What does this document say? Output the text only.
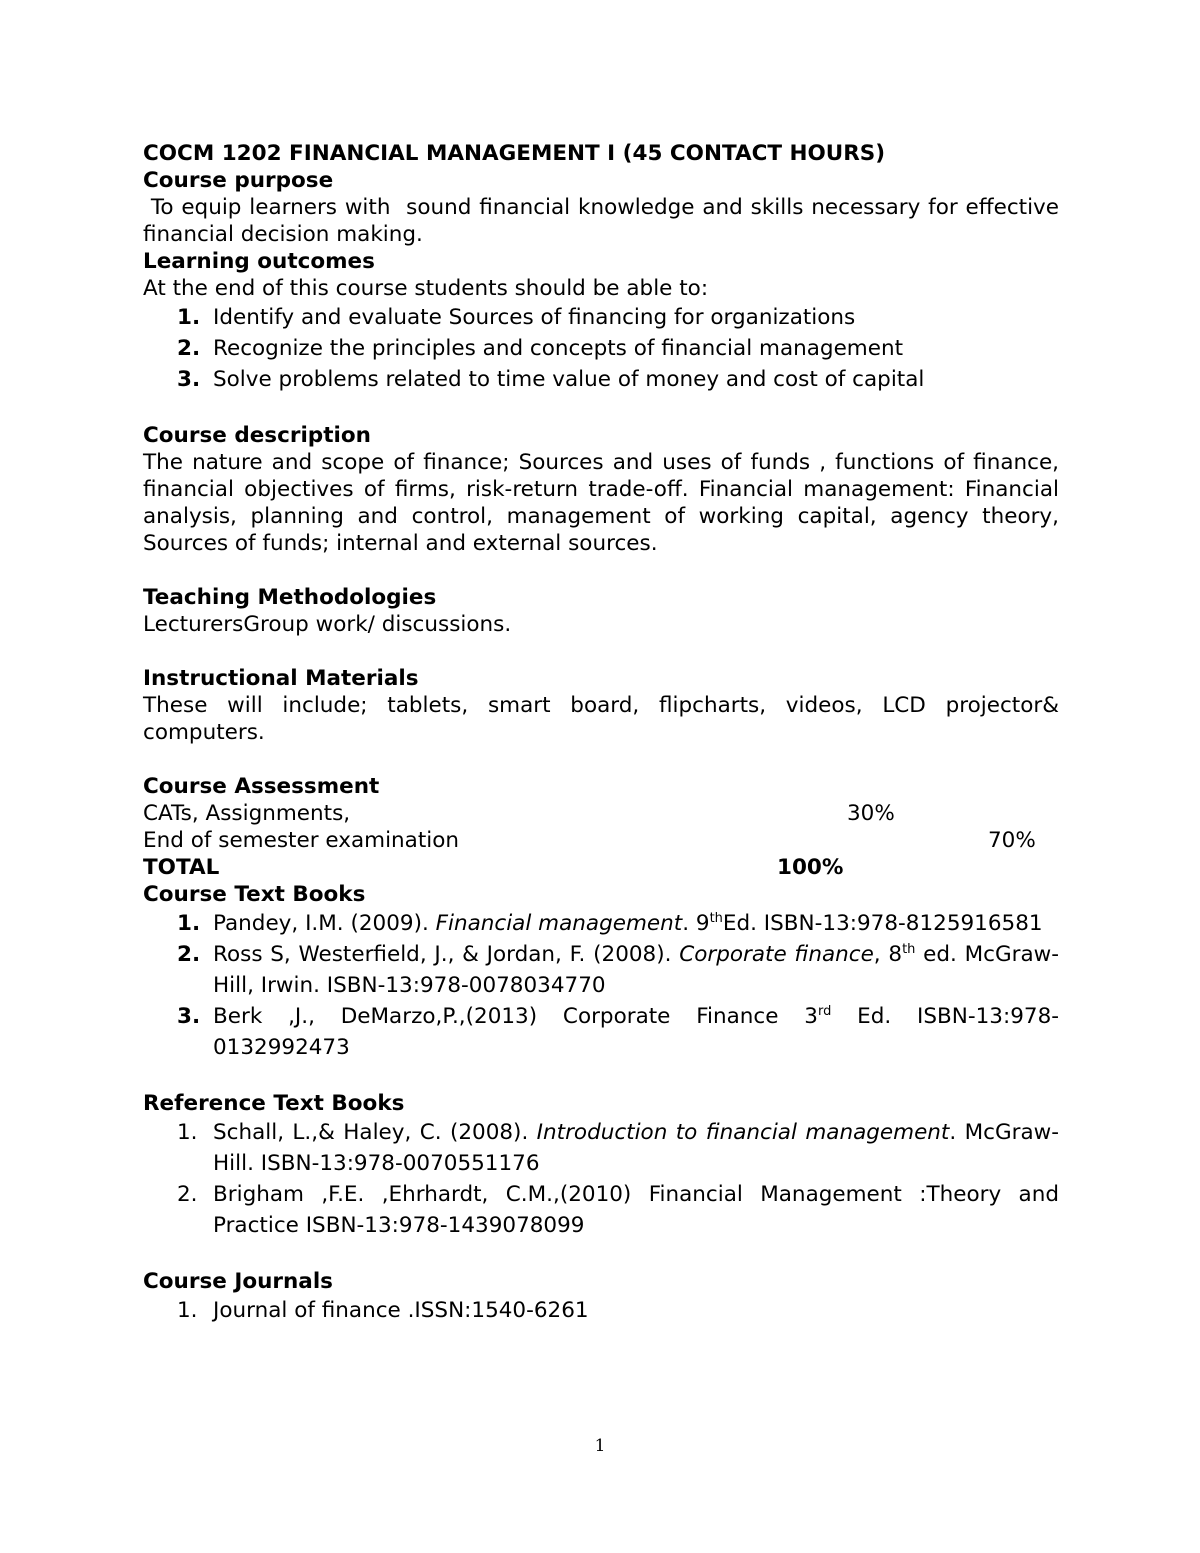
COCM 1202 FINANCIAL MANAGEMENT I (45 CONTACT HOURS)
Course purpose
To equip learners with  sound financial knowledge and skills necessary for effective financial decision making.
Learning outcomes
At the end of this course students should be able to:
1. Identify and evaluate Sources of financing for organizations
2. Recognize the principles and concepts of financial management
3. Solve problems related to time value of money and cost of capital
Course description
The nature and scope of finance; Sources and uses of funds , functions of finance, financial objectives of firms, risk-return trade-off. Financial management: Financial analysis, planning and control, management of working capital, agency theory, Sources of funds; internal and external sources.
Teaching Methodologies
LecturersGroup work/ discussions.
Instructional Materials
These will include; tablets, smart board, flipcharts, videos, LCD projector& computers.
Course Assessment
CATs, Assignments,	30%
End of semester examination	70%
TOTAL	100%
Course Text Books
1. Pandey, I.M. (2009). Financial management. 9thEd. ISBN-13:978-8125916581
2. Ross S, Westerfield, J., & Jordan, F. (2008). Corporate finance, 8th ed. McGraw- Hill, Irwin. ISBN-13:978-0078034770
3. Berk ,J., DeMarzo,P.,(2013) Corporate Finance 3rd Ed. ISBN-13:978-0132992473
Reference Text Books
1. Schall, L.,& Haley, C. (2008). Introduction to financial management. McGraw- Hill. ISBN-13:978-0070551176
2. Brigham ,F.E. ,Ehrhardt, C.M.,(2010) Financial Management :Theory and Practice ISBN-13:978-1439078099
Course Journals
1. Journal of finance .ISSN:1540-6261
1
